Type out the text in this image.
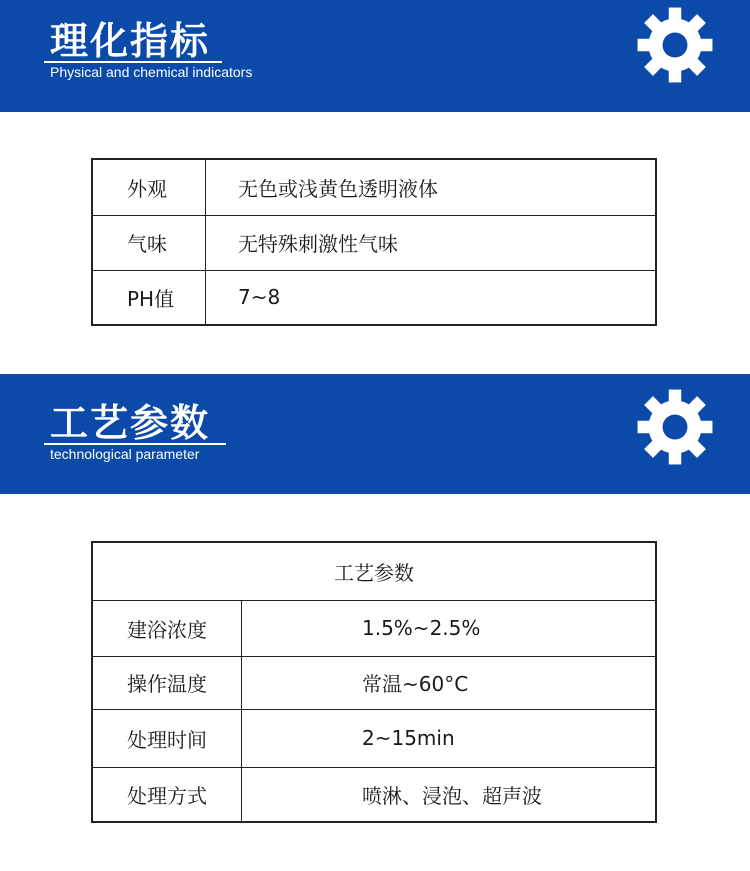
理化指标
Physical and chemical indicators
外观	无色或浅黄色透明液体
气味	无特殊刺激性气味
PH值	7~8
工艺参数
technological parameter
工艺参数	
建浴浓度	1.5%~2.5%
操作温度	常温~60°C
处理时间	2~15min
处理方式	喷淋、浸泡、超声波
